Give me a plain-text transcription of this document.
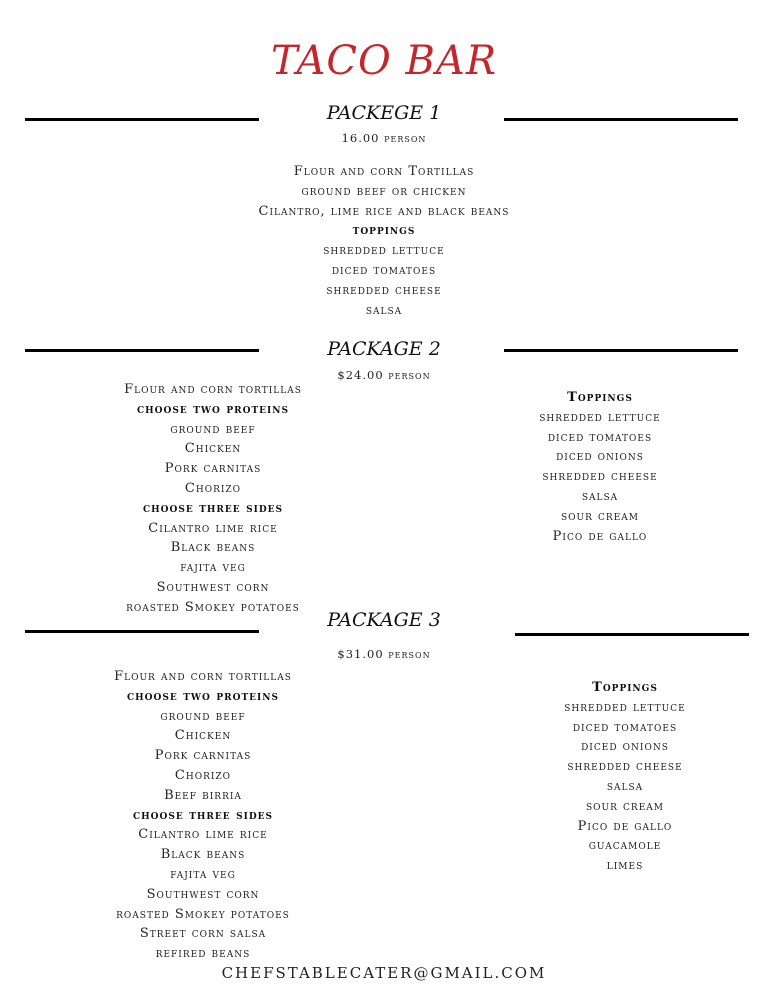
TACO BAR
PACKEGE 1
16.00 person
Flour and corn Tortillas
ground beef or chicken
Cilantro, lime rice and black beans
toppings
shredded lettuce
diced tomatoes
shredded cheese
salsa
PACKAGE 2
$24.00 person
Flour and corn tortillas
choose two proteins
ground beef
Chicken
Pork carnitas
Chorizo
choose three sides
Cilantro lime rice
Black beans
fajita veg
Southwest corn
roasted Smokey potatoes
Toppings
shredded lettuce
diced tomatoes
diced onions
shredded cheese
salsa
sour cream
Pico de gallo
PACKAGE 3
$31.00 person
Flour and corn tortillas
choose two proteins
ground beef
Chicken
Pork carnitas
Chorizo
Beef birria
choose three sides
Cilantro lime rice
Black beans
fajita veg
Southwest corn
roasted Smokey potatoes
Street corn salsa
refired beans
Toppings
shredded lettuce
diced tomatoes
diced onions
shredded cheese
salsa
sour cream
Pico de gallo
guacamole
limes
CHEFSTABLECATER@GMAIL.COM
